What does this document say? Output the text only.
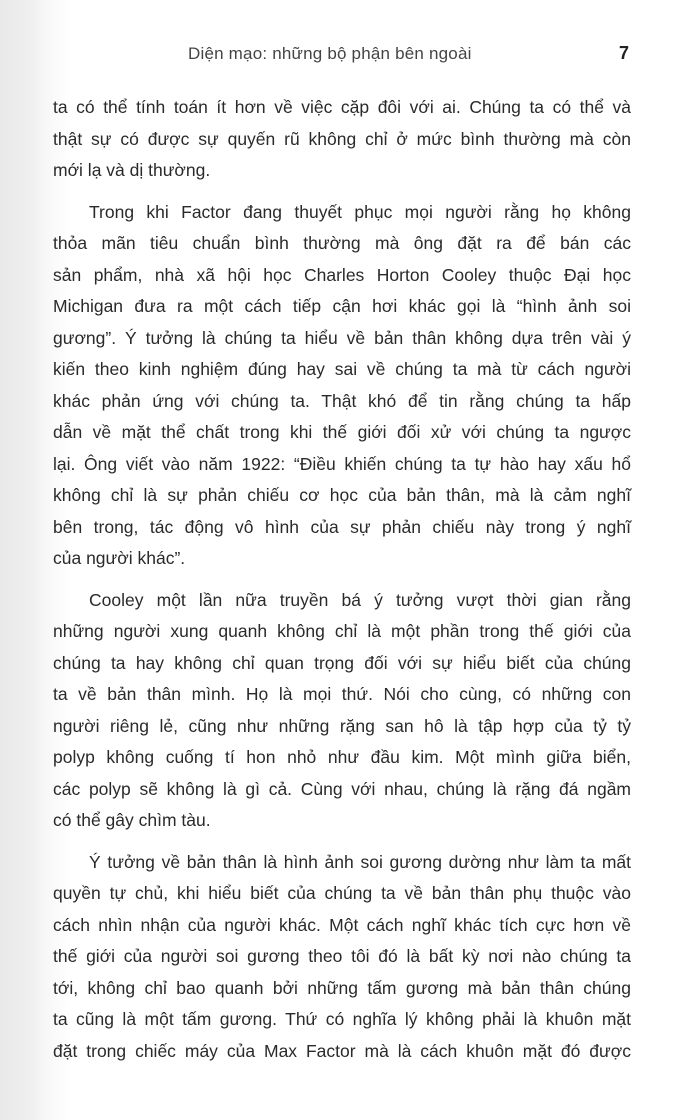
Diện mạo: những bộ phận bên ngoài	7
ta có thể tính toán ít hơn về việc cặp đôi với ai. Chúng ta có thể và
thật sự có được sự quyến rũ không chỉ ở mức bình thường mà còn
mới lạ và dị thường.
Trong khi Factor đang thuyết phục mọi người rằng họ không
thỏa mãn tiêu chuẩn bình thường mà ông đặt ra để bán các
sản phẩm, nhà xã hội học Charles Horton Cooley thuộc Đại học
Michigan đưa ra một cách tiếp cận hơi khác gọi là “hình ảnh soi
gương”. Ý tưởng là chúng ta hiểu về bản thân không dựa trên vài ý
kiến theo kinh nghiệm đúng hay sai về chúng ta mà từ cách người
khác phản ứng với chúng ta. Thật khó để tin rằng chúng ta hấp
dẫn về mặt thể chất trong khi thế giới đối xử với chúng ta ngược
lại. Ông viết vào năm 1922: “Điều khiến chúng ta tự hào hay xấu hổ
không chỉ là sự phản chiếu cơ học của bản thân, mà là cảm nghĩ
bên trong, tác động vô hình của sự phản chiếu này trong ý nghĩ
của người khác”.
Cooley một lần nữa truyền bá ý tưởng vượt thời gian rằng
những người xung quanh không chỉ là một phần trong thế giới của
chúng ta hay không chỉ quan trọng đối với sự hiểu biết của chúng
ta về bản thân mình. Họ là mọi thứ. Nói cho cùng, có những con
người riêng lẻ, cũng như những rặng san hô là tập hợp của tỷ tỷ
polyp không cuống tí hon nhỏ như đầu kim. Một mình giữa biển,
các polyp sẽ không là gì cả. Cùng với nhau, chúng là rặng đá ngầm
có thể gây chìm tàu.
Ý tưởng về bản thân là hình ảnh soi gương dường như làm ta mất
quyền tự chủ, khi hiểu biết của chúng ta về bản thân phụ thuộc vào
cách nhìn nhận của người khác. Một cách nghĩ khác tích cực hơn về
thế giới của người soi gương theo tôi đó là bất kỳ nơi nào chúng ta
tới, không chỉ bao quanh bởi những tấm gương mà bản thân chúng
ta cũng là một tấm gương. Thứ có nghĩa lý không phải là khuôn mặt
đặt trong chiếc máy của Max Factor mà là cách khuôn mặt đó được
